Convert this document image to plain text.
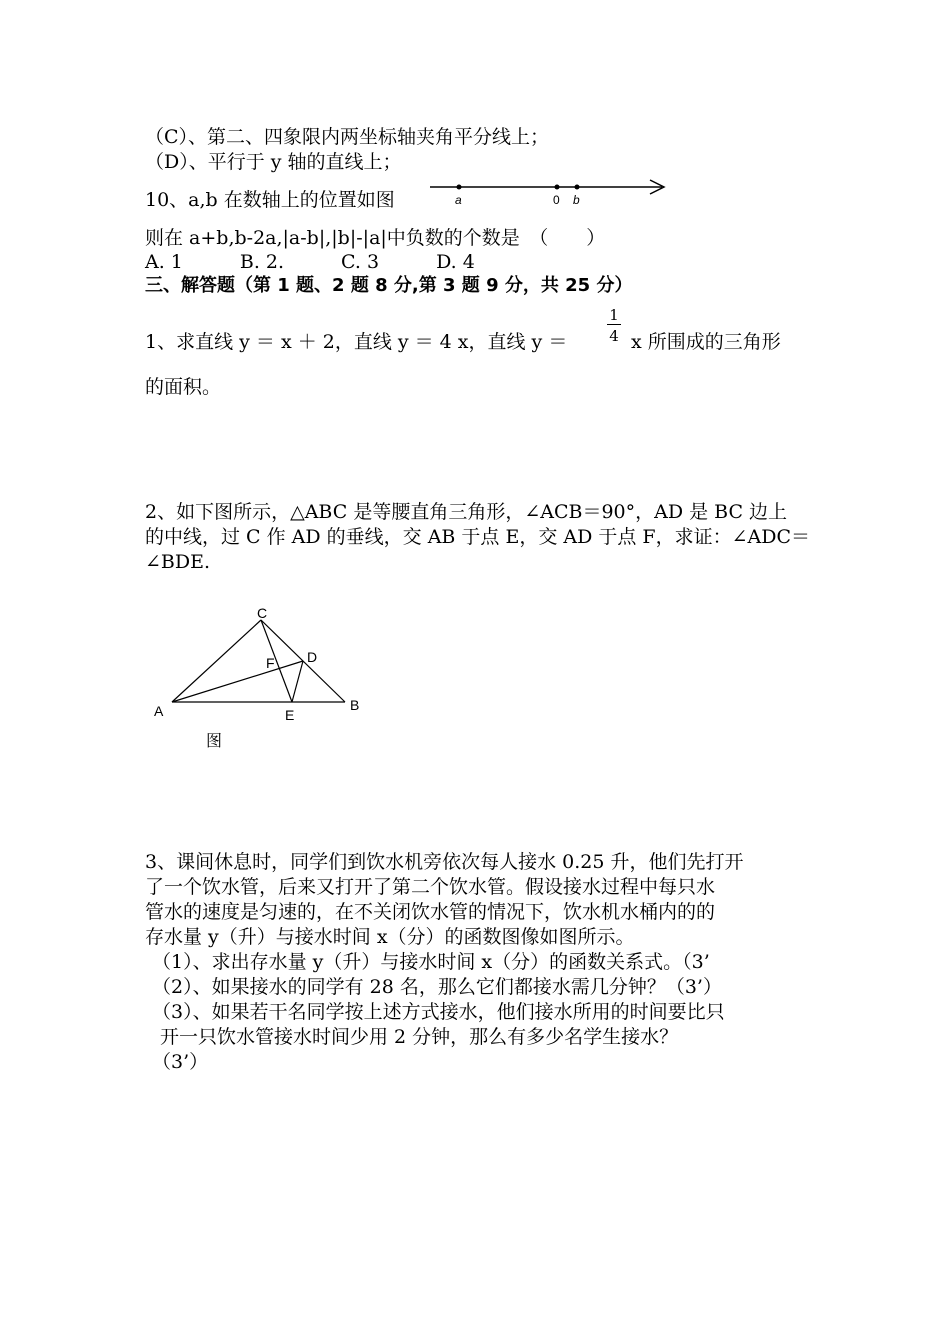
（C）、第二、四象限内两坐标轴夹角平分线上；
（D）、平行于 y 轴的直线上；
10、a,b 在数轴上的位置如图	a	0 b
则在 a+b,b-2a,|a-b|,|b|-|a|中负数的个数是　（　　）
A. 1　　　B. 2.　　　C. 3　　　D. 4
三、解答题（第 1 题、2 题 8 分,第 3 题 9 分，共 25 分）
1、求直线 y ＝ x ＋ 2，直线 y ＝ 4 x，直线 y ＝
1
4 x 所围成的三角形
的面积。
2、如下图所示，△ABC 是等腰直角三角形，∠ACB＝90°，AD 是 BC 边上
的中线，过 C 作 AD 的垂线，交 AB 于点 E，交 AD 于点 F，求证：∠ADC＝
∠BDE.
C
D
F
A	E
B
图
3、课间休息时，同学们到饮水机旁依次每人接水 0.25 升，他们先打开
了一个饮水管，后来又打开了第二个饮水管。假设接水过程中每只水
管水的速度是匀速的，在不关闭饮水管的情况下，饮水机水桶内的的
存水量 y（升）与接水时间 x（分）的函数图像如图所示。
（1）、求出存水量 y（升）与接水时间 x（分）的函数关系式。（3’
（2）、如果接水的同学有 28 名，那么它们都接水需几分钟？（3’）
（3）、如果若干名同学按上述方式接水，他们接水所用的时间要比只
开一只饮水管接水时间少用 2 分钟，那么有多少名学生接水？
（3’）
